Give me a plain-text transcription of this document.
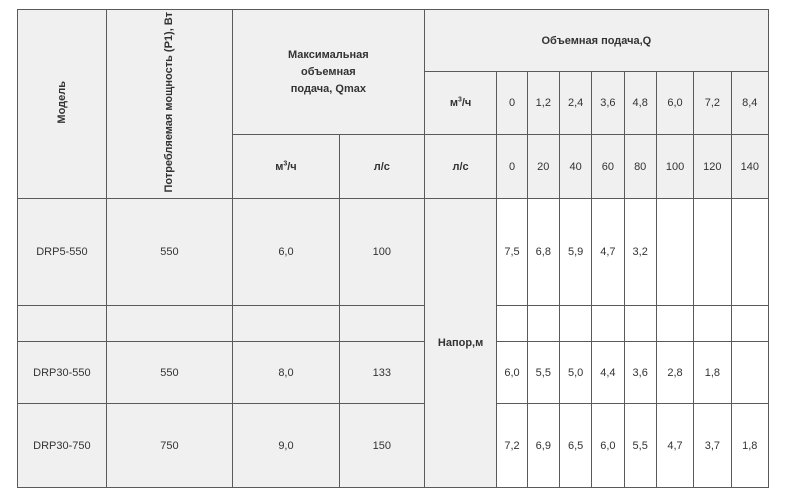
Модель	Потребляемая мощность (P1), Вт	Максимальная объемная подача, Qmax		Объемная подача,Q								
				$м^3/ч$	0	1,2	2,4	3,6	4,8	6,0	7,2	8,4
		$м^3/ч$	л/с	л/с	0	20	40	60	80	100	120	140
DRP5-550	550	6,0	100	Напор,м	7,5	6,8	5,9	4,7	3,2			

DRP30-550	550	8,0	133		6,0	5,5	5,0	4,4	3,6	2,8	1,8	
DRP30-750	750	9,0	150		7,2	6,9	6,5	6,0	5,5	4,7	3,7	1,8
